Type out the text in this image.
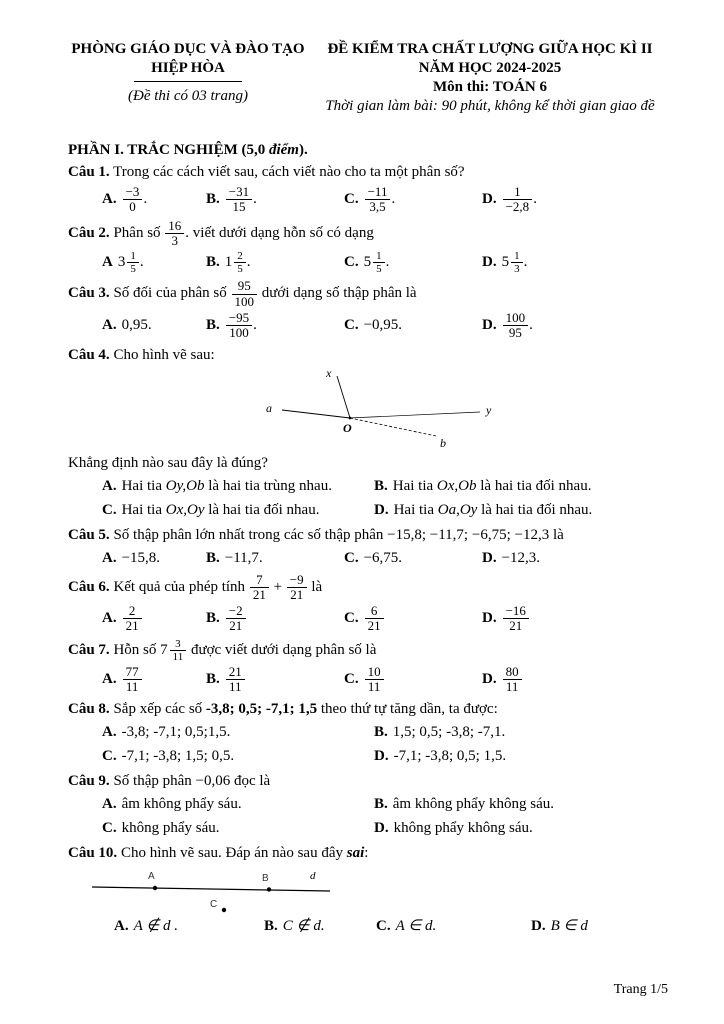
PHÒNG GIÁO DỤC VÀ ĐÀO TẠO
HIỆP HÒA
(Đề thi có 03 trang)
ĐỀ KIỂM TRA CHẤT LƯỢNG GIỮA HỌC KÌ II
NĂM HỌC 2024-2025
Môn thi: TOÁN 6
Thời gian làm bài: 90 phút, không kể thời gian giao đề
PHẦN I. TRẮC NGHIỆM (5,0 điểm).
Câu 1. Trong các cách viết sau, cách viết nào cho ta một phân số?
A. $\frac{-3}{0}$ .	B. $\frac{-31}{15}$ .	C. $\frac{-11}{3,5}$ .	D. $\frac{1}{-2,8}$ .
Câu 2. Phân số $\frac{16}{3}$ . viết dưới dạng hỗn số có dạng
A $3 \frac{1}{5}$ .	B. $1 \frac{2}{5}$ .	C. $5 \frac{1}{5}$ .	D. $5 \frac{1}{3}$ .
Câu 3. Số đối của phân số $\frac{95}{100}$ dưới dạng số thập phân là
A. 0,95.	B. $\frac{-95}{100}$ .	C. −0,95.	D. $\frac{100}{95}$ .
Câu 4. Cho hình vẽ sau:
x
a
O
y
b
Khẳng định nào sau đây là đúng?
A. Hai tia Oy,Ob là hai tia trùng nhau.	B. Hai tia Ox,Ob là hai tia đối nhau.
C. Hai tia Ox,Oy là hai tia đối nhau.	D. Hai tia Oa,Oy là hai tia đối nhau.
Câu 5. Số thập phân lớn nhất trong các số thập phân −15,8; −11,7; −6,75; −12,3 là
A. −15,8.	B. −11,7.	C. −6,75.	D. −12,3.
Câu 6. Kết quả của phép tính $\frac{7}{21} + \frac{-9}{21}$ là
A. $\frac{2}{21}$	B. $\frac{-2}{21}$	C. $\frac{6}{21}$	D. $\frac{-16}{21}$
Câu 7. Hỗn số $7 \frac{3}{11}$ được viết dưới dạng phân số là
A. $\frac{77}{11}$	B. $\frac{21}{11}$	C. $\frac{10}{11}$	D. $\frac{80}{11}$
Câu 8. Sắp xếp các số -3,8; 0,5; -7,1; 1,5 theo thứ tự tăng dần, ta được:
A. -3,8; -7,1; 0,5;1,5.	B. 1,5; 0,5; -3,8; -7,1.
C. -7,1; -3,8; 1,5; 0,5.	D. -7,1; -3,8; 0,5; 1,5.
Câu 9. Số thập phân −0,06 đọc là
A. âm không phẩy sáu.	B. âm không phẩy không sáu.
C. không phẩy sáu.	D. không phẩy không sáu.
Câu 10. Cho hình vẽ sau. Đáp án nào sau đây sai:
A	B	d
C
A. A ∉ d .	B. C ∉ d.	C. A ∈ d.	D. B ∈ d
Trang 1/5
